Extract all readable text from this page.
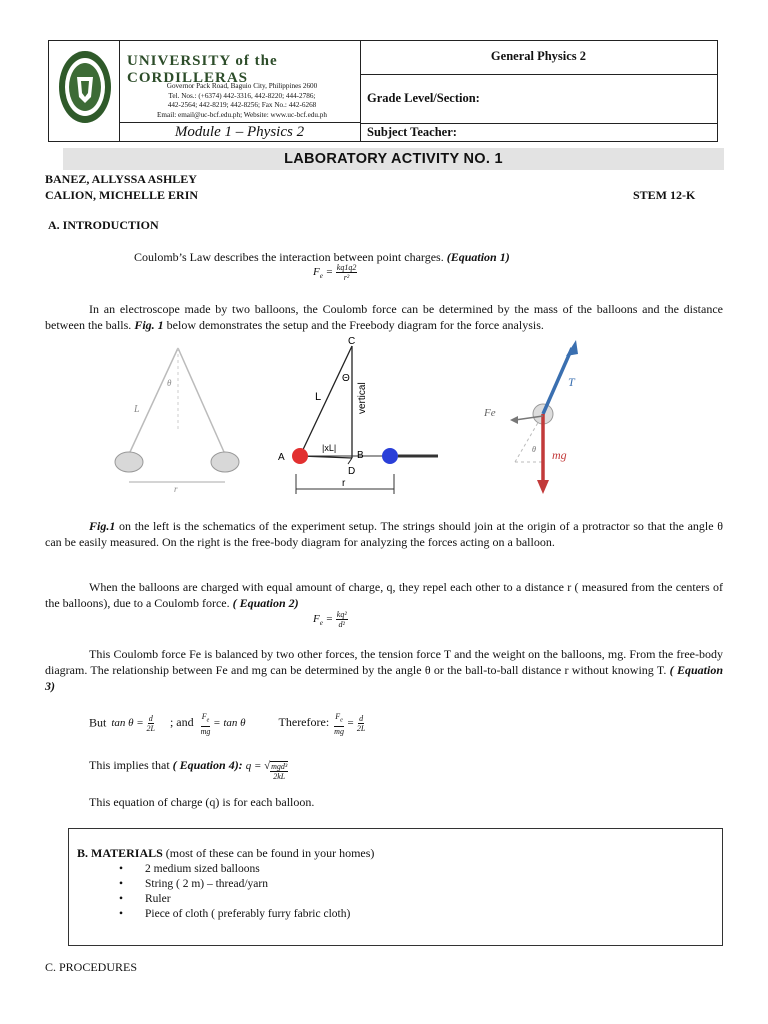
UNIVERSITY of the CORDILLERAS
Governor Pack Road, Baguio City, Philippines 2600
Tel. Nos.: (+6374) 442-3316, 442-8220; 444-2786;
442-2564; 442-8219; 442-8256; Fax No.: 442-6268
Email: email@uc-bcf.edu.ph; Website: www.uc-bcf.edu.ph
Module 1 – Physics 2
General Physics 2
Grade Level/Section:
Subject Teacher:
LABORATORY ACTIVITY NO. 1
BANEZ, ALLYSSA ASHLEY
CALION, MICHELLE ERIN	STEM 12-K
A. INTRODUCTION
Coulomb’s Law describes the interaction between point charges. (Equation 1)
$F_e = \frac{kq1q2}{\text{r²}}$
In an electroscope made by two balloons, the Coulomb force can be determined by the mass of the balloons and the distance between the balls. Fig. 1 below demonstrates the setup and the Freebody diagram for the force analysis.
L
θ
r
C
L
Θ
vertical
|xL|
A	B
D
r
T
Fe
θ mg
Fig.1 on the left is the schematics of the experiment setup. The strings should join at the origin of a protractor so that the angle θ can be easily measured. On the right is the free-body diagram for analyzing the forces acting on a balloon.
When the balloons are charged with equal amount of charge, q, they repel each other to a distance r ( measured from the centers of the balloons), due to a Coulomb force. ( Equation 2)
$F_e = \frac{\text{kq²}}{\text{d²}}$
This Coulomb force Fe is balanced by two other forces, the tension force T and the weight on the balloons, mg. From the free-body diagram. The relationship between Fe and mg can be determined by the angle θ or the ball-to-ball distance r without knowing T. ( Equation 3)
But $\tan \theta = \frac{d}{2L}$ ; and $\frac{F_e}{mg} = \tan \theta$	Therefore: $\frac{F_e}{mg} = \frac{d}{2L}$
This implies that ( Equation 4): q = √ $\frac{\text{mgd³}}{2kL}$
This equation of charge (q) is for each balloon.
B. MATERIALS (most of these can be found in your homes)
• 2 medium sized balloons
• String ( 2 m) – thread/yarn
• Ruler
• Piece of cloth ( preferably furry fabric cloth)
C. PROCEDURES
